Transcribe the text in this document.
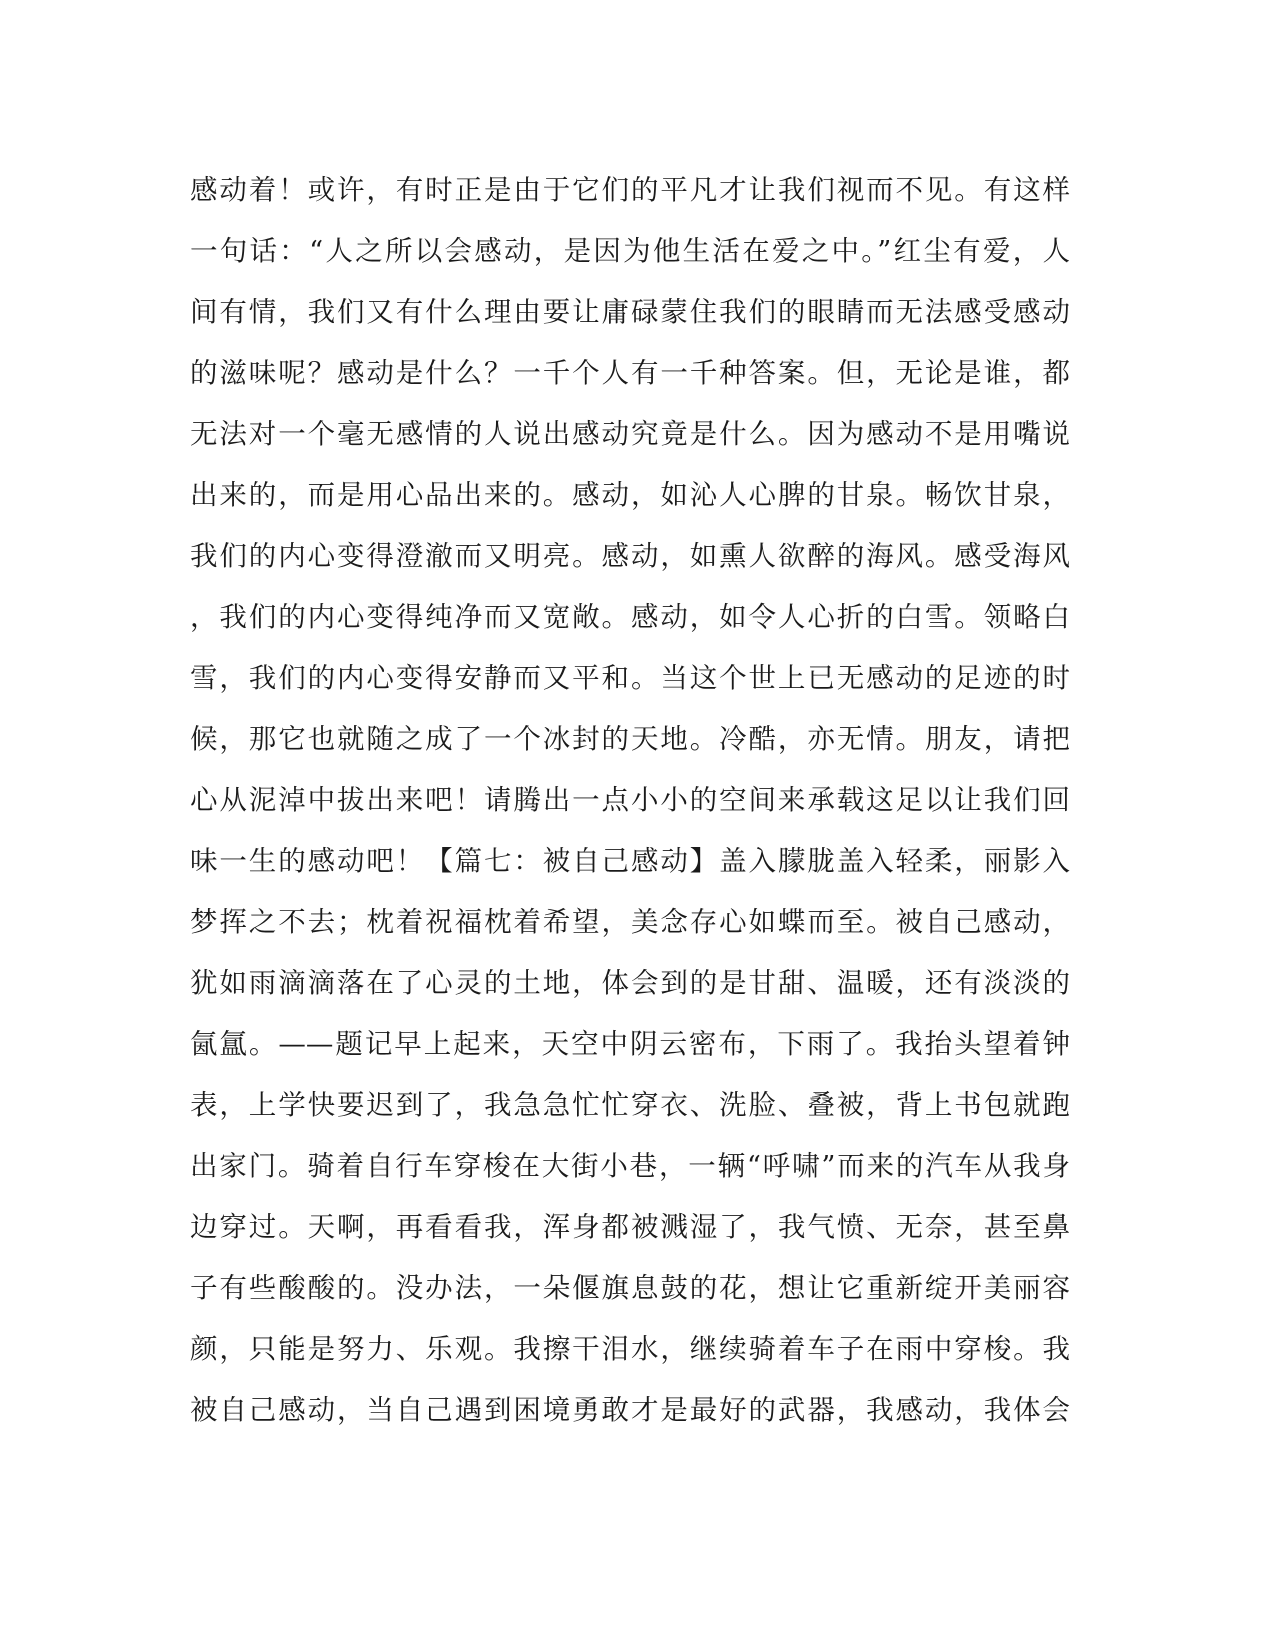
感动着！或许，有时正是由于它们的平凡才让我们视而不见。有这样
一句话：“人之所以会感动，是因为他生活在爱之中。”红尘有爱，人
间有情，我们又有什么理由要让庸碌蒙住我们的眼睛而无法感受感动
的滋味呢？感动是什么？一千个人有一千种答案。但，无论是谁，都
无法对一个毫无感情的人说出感动究竟是什么。因为感动不是用嘴说
出来的，而是用心品出来的。感动，如沁人心脾的甘泉。畅饮甘泉，
我们的内心变得澄澈而又明亮。感动，如熏人欲醉的海风。感受海风
，我们的内心变得纯净而又宽敞。感动，如令人心折的白雪。领略白
雪，我们的内心变得安静而又平和。当这个世上已无感动的足迹的时
候，那它也就随之成了一个冰封的天地。冷酷，亦无情。朋友，请把
心从泥淖中拔出来吧！请腾出一点小小的空间来承载这足以让我们回
味一生的感动吧！【篇七：被自己感动】盖入朦胧盖入轻柔，丽影入
梦挥之不去；枕着祝福枕着希望，美念存心如蝶而至。被自己感动，
犹如雨滴滴落在了心灵的土地，体会到的是甘甜、温暖，还有淡淡的
氤氲。——题记早上起来，天空中阴云密布，下雨了。我抬头望着钟
表，上学快要迟到了，我急急忙忙穿衣、洗脸、叠被，背上书包就跑
出家门。骑着自行车穿梭在大街小巷，一辆“呼啸”而来的汽车从我身
边穿过。天啊，再看看我，浑身都被溅湿了，我气愤、无奈，甚至鼻
子有些酸酸的。没办法，一朵偃旗息鼓的花，想让它重新绽开美丽容
颜，只能是努力、乐观。我擦干泪水，继续骑着车子在雨中穿梭。我
被自己感动，当自己遇到困境勇敢才是最好的武器，我感动，我体会
